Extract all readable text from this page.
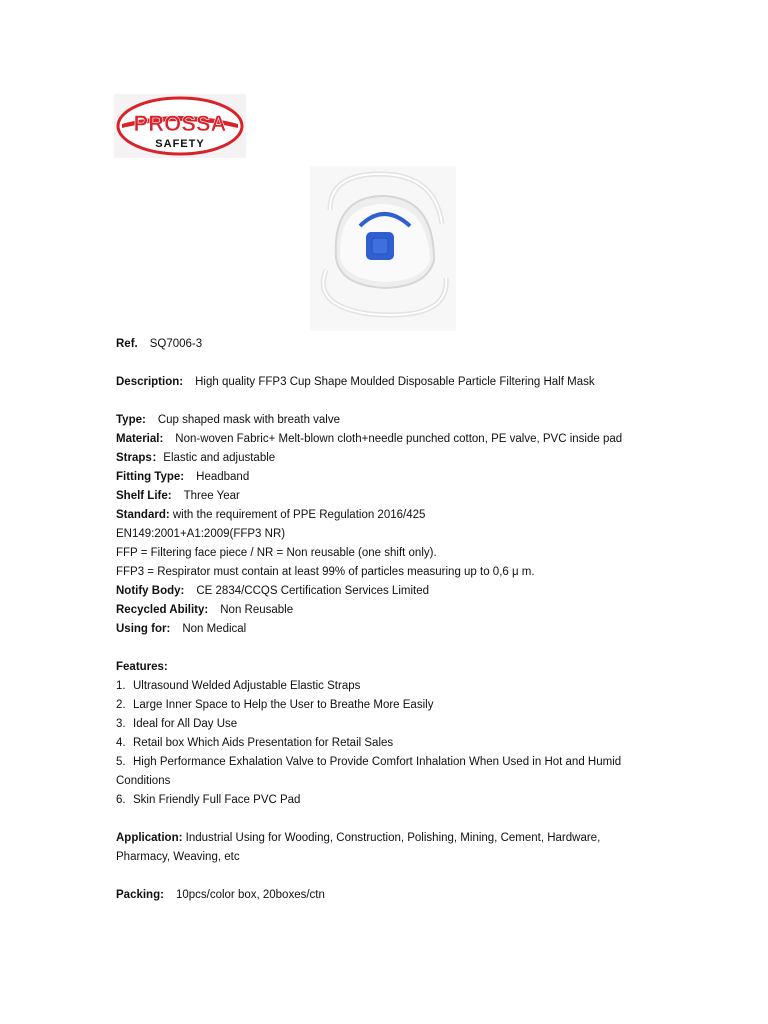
PROSSA
SAFETY
Ref. SQ7006-3
Description: High quality FFP3 Cup Shape Moulded Disposable Particle Filtering Half Mask
Type: Cup shaped mask with breath valve
Material: Non-woven Fabric+ Melt-blown cloth+needle punched cotton, PE valve, PVC inside pad
Straps：Elastic and adjustable
Fitting Type: Headband
Shelf Life: Three Year
Standard: with the requirement of PPE Regulation 2016/425
EN149:2001+A1:2009(FFP3 NR)
FFP = Filtering face piece / NR = Non reusable (one shift only).
FFP3 = Respirator must contain at least 99% of particles measuring up to 0,6 μ m.
Notify Body: CE 2834/CCQS Certification Services Limited
Recycled Ability: Non Reusable
Using for: Non Medical
Features:
1. Ultrasound Welded Adjustable Elastic Straps
2. Large Inner Space to Help the User to Breathe More Easily
3. Ideal for All Day Use
4. Retail box Which Aids Presentation for Retail Sales
5. High Performance Exhalation Valve to Provide Comfort Inhalation When Used in Hot and Humid Conditions
6. Skin Friendly Full Face PVC Pad
Application: Industrial Using for Wooding, Construction, Polishing, Mining, Cement, Hardware, Pharmacy, Weaving, etc
Packing: 10pcs/color box, 20boxes/ctn
